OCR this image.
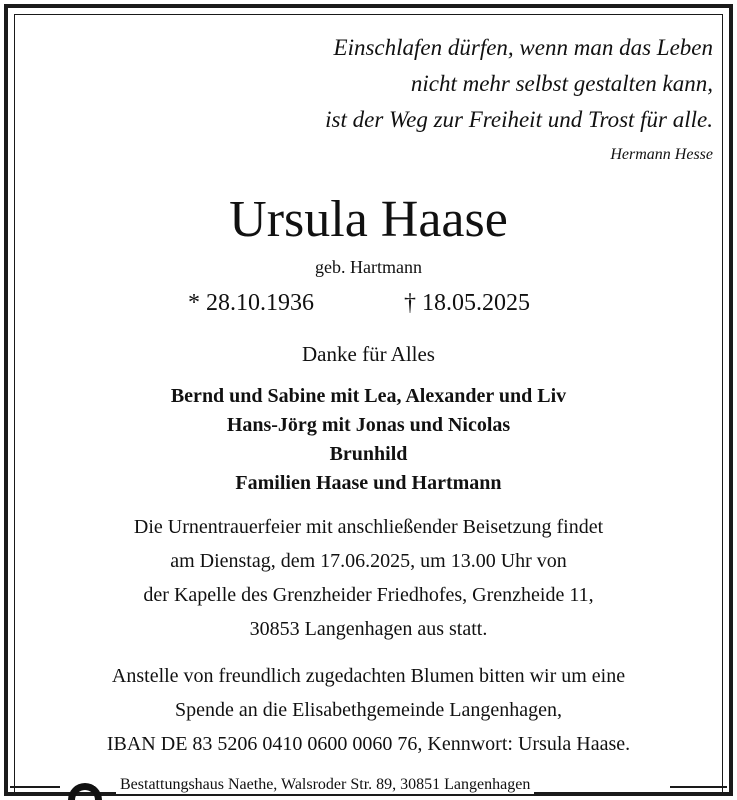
Einschlafen dürfen, wenn man das Leben
nicht mehr selbst gestalten kann,
ist der Weg zur Freiheit und Trost für alle.
Hermann Hesse
Ursula Haase
geb. Hartmann
* 28.10.1936	† 18.05.2025
Danke für Alles
Bernd und Sabine mit Lea, Alexander und Liv
Hans-Jörg mit Jonas und Nicolas
Brunhild
Familien Haase und Hartmann
Die Urnentrauerfeier mit anschließender Beisetzung findet
am Dienstag, dem 17.06.2025, um 13.00 Uhr von
der Kapelle des Grenzheider Friedhofes, Grenzheide 11,
30853 Langenhagen aus statt.
Anstelle von freundlich zugedachten Blumen bitten wir um eine
Spende an die Elisabethgemeinde Langenhagen,
IBAN DE 83 5206 0410 0600 0060 76, Kennwort: Ursula Haase.
Bestattungshaus Naethe, Walsroder Str. 89, 30851 Langenhagen
